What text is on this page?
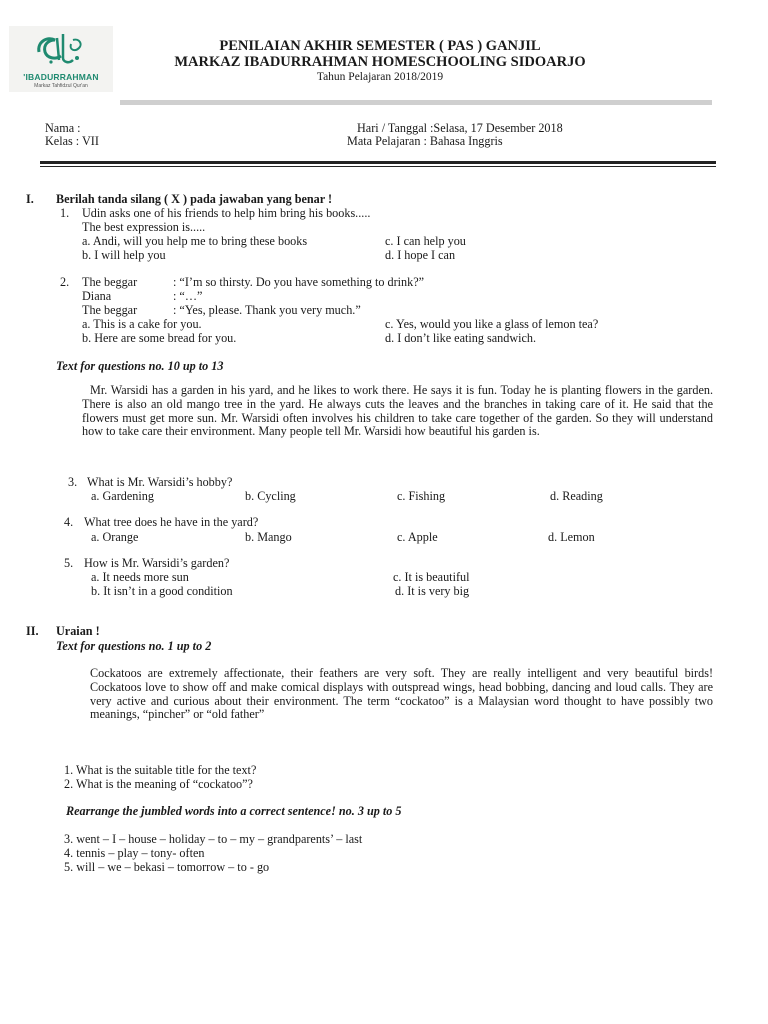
'IBADURRAHMAN
Markaz Tahfidzul Qur'an
PENILAIAN AKHIR SEMESTER ( PAS ) GANJIL
MARKAZ IBADURRAHMAN HOMESCHOOLING SIDOARJO
Tahun Pelajaran 2018/2019
Nama :
Kelas : VII
Hari / Tanggal :Selasa, 17 Desember 2018
Mata Pelajaran : Bahasa Inggris
I. Berilah tanda silang ( X ) pada jawaban yang benar !
1. Udin asks one of his friends to help him bring his books.....
The best expression is.....
a. Andi, will you help me to bring these books
b. I will help you
c. I can help you
d. I hope I can
2. The beggar	: “I’m so thirsty. Do you have something to drink?”
Diana	: “…”
The beggar	: “Yes, please. Thank you very much.”
a. This is a cake for you.
b. Here are some bread for you.
c. Yes, would you like a glass of lemon tea?
d. I don’t like eating sandwich.
Text for questions no. 10 up to 13
Mr. Warsidi has a garden in his yard, and he likes to work there. He says it is fun. Today he is planting flowers in the garden. There is also an old mango tree in the yard. He always cuts the leaves and the branches in taking care of it. He said that the flowers must get more sun. Mr. Warsidi often involves his children to take care together of the garden. So they will understand how to take care their environment. Many people tell Mr. Warsidi how beautiful his garden is.
3. What is Mr. Warsidi’s hobby?
a. Gardening	b. Cycling	c. Fishing	d. Reading
4. What tree does he have in the yard?
a. Orange	b. Mango	c. Apple	d. Lemon
5. How is Mr. Warsidi’s garden?
a. It needs more sun
b. It isn’t in a good condition
c. It is beautiful
d. It is very big
II. Uraian !
Text for questions no. 1 up to 2
Cockatoos are extremely affectionate, their feathers are very soft. They are really intelligent and very beautiful birds! Cockatoos love to show off and make comical displays with outspread wings, head bobbing, dancing and loud calls. They are very active and curious about their environment. The term “cockatoo” is a Malaysian word thought to have possibly two meanings, “pincher” or “old father”
1. What is the suitable title for the text?
2. What is the meaning of “cockatoo”?
Rearrange the jumbled words into a correct sentence! no. 3 up to 5
3. went – I – house – holiday – to – my – grandparents’ – last
4. tennis – play – tony- often
5. will – we – bekasi – tomorrow – to - go
